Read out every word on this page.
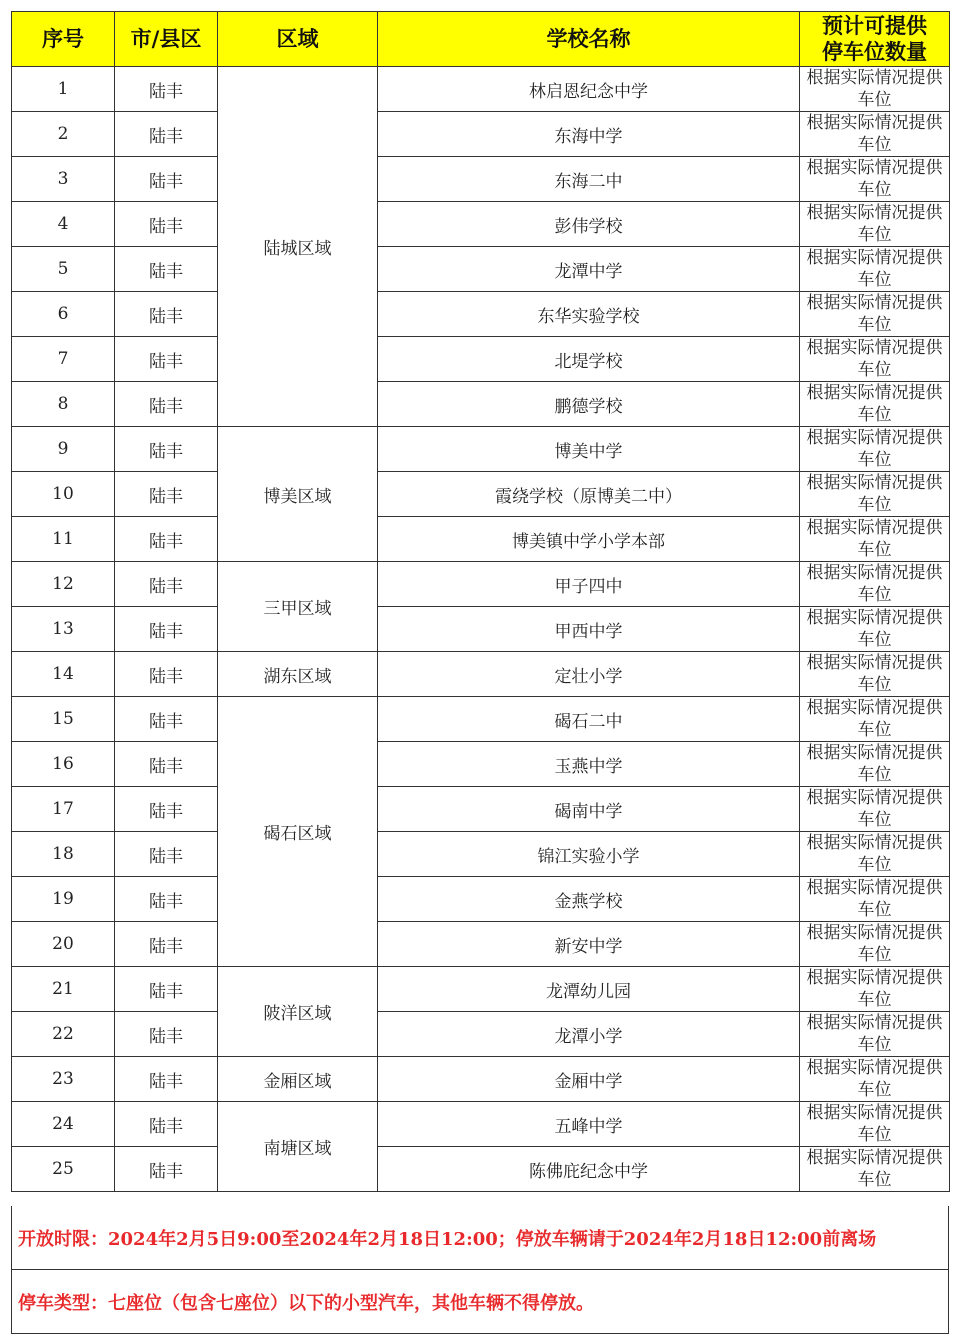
序号	市/县区	区域	学校名称	预计可提供
停车位数量

1	陆丰	陆城区域	林启恩纪念中学	根据实际情况提供车位
2	陆丰		东海中学	根据实际情况提供车位
3	陆丰		东海二中	根据实际情况提供车位
4	陆丰		彭伟学校	根据实际情况提供车位
5	陆丰		龙潭中学	根据实际情况提供车位
6	陆丰		东华实验学校	根据实际情况提供车位
7	陆丰		北堤学校	根据实际情况提供车位
8	陆丰		鹏德学校	根据实际情况提供车位
9	陆丰	博美区域	博美中学	根据实际情况提供车位
10	陆丰		霞绕学校（原博美二中）	根据实际情况提供车位
11	陆丰		博美镇中学小学本部	根据实际情况提供车位
12	陆丰	三甲区域	甲子四中	根据实际情况提供车位
13	陆丰		甲西中学	根据实际情况提供车位
14	陆丰	湖东区域	定壮小学	根据实际情况提供车位
15	陆丰	碣石区域	碣石二中	根据实际情况提供车位
16	陆丰		玉燕中学	根据实际情况提供车位
17	陆丰		碣南中学	根据实际情况提供车位
18	陆丰		锦江实验小学	根据实际情况提供车位
19	陆丰		金燕学校	根据实际情况提供车位
20	陆丰		新安中学	根据实际情况提供车位
21	陆丰	陂洋区域	龙潭幼儿园	根据实际情况提供车位
22	陆丰		龙潭小学	根据实际情况提供车位
23	陆丰	金厢区域	金厢中学	根据实际情况提供车位
24	陆丰	南塘区域	五峰中学	根据实际情况提供车位
25	陆丰		陈佛庇纪念中学	根据实际情况提供车位
开放时限：2024年2月5日9:00至2024年2月18日12:00；停放车辆请于2024年2月18日12:00前离场
停车类型：七座位（包含七座位）以下的小型汽车，其他车辆不得停放。
